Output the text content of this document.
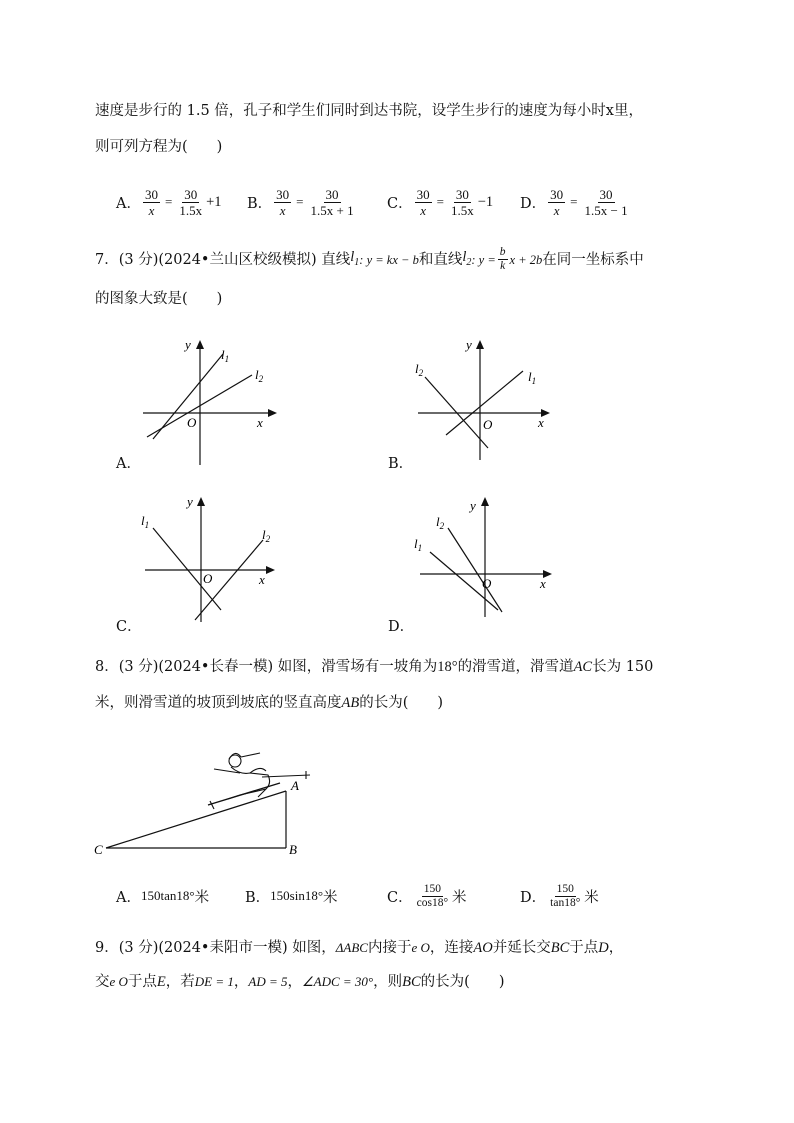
速度是步行的 1.5 倍，孔子和学生们同时到达书院，设学生步行的速度为每小时x里，
则可列方程为(　　)
A． $\frac{30}{x} = \frac{30}{1.5x} +1$ B． $\frac{30}{x} = \frac{30}{1.5x + 1}$ C． $\frac{30}{x} = \frac{30}{1.5x} -1$ D． $\frac{30}{x} = \frac{30}{1.5x - 1}$
7．(3 分)(2024•兰山区校级模拟) 直线 $l_1$ : y = kx − b 和直线 $l_2$ : $y = \frac{b}{k}$ x + 2b 在同一坐标系中
的图象大致是(　　)
y
x
O
$l_1$
$l_2$
A．
y
x
O
$l_1$
$l_2$
B．
y
x
O
$l_1$
$l_2$
C．
y
x
O
$l_1$
$l_2$
D．
8．(3 分)(2024•长春一模) 如图，滑雪场有一坡角为18°的滑雪道，滑雪道AC长为 150
米，则滑雪道的坡顶到坡底的竖直高度AB的长为(　　)
A
B
C
A． 150tan18° 米 B． 150sin18° 米	C． $\frac{150}{\cos 18^\circ}$ 米	D． $\frac{150}{\tan 18^\circ}$ 米
9．(3 分)(2024•耒阳市一模) 如图，ΔABC内接于e O，连接AO并延长交BC于点D，
交e O于点E，若DE = 1，AD = 5，∠ADC = 30°，则BC的长为(　　)
